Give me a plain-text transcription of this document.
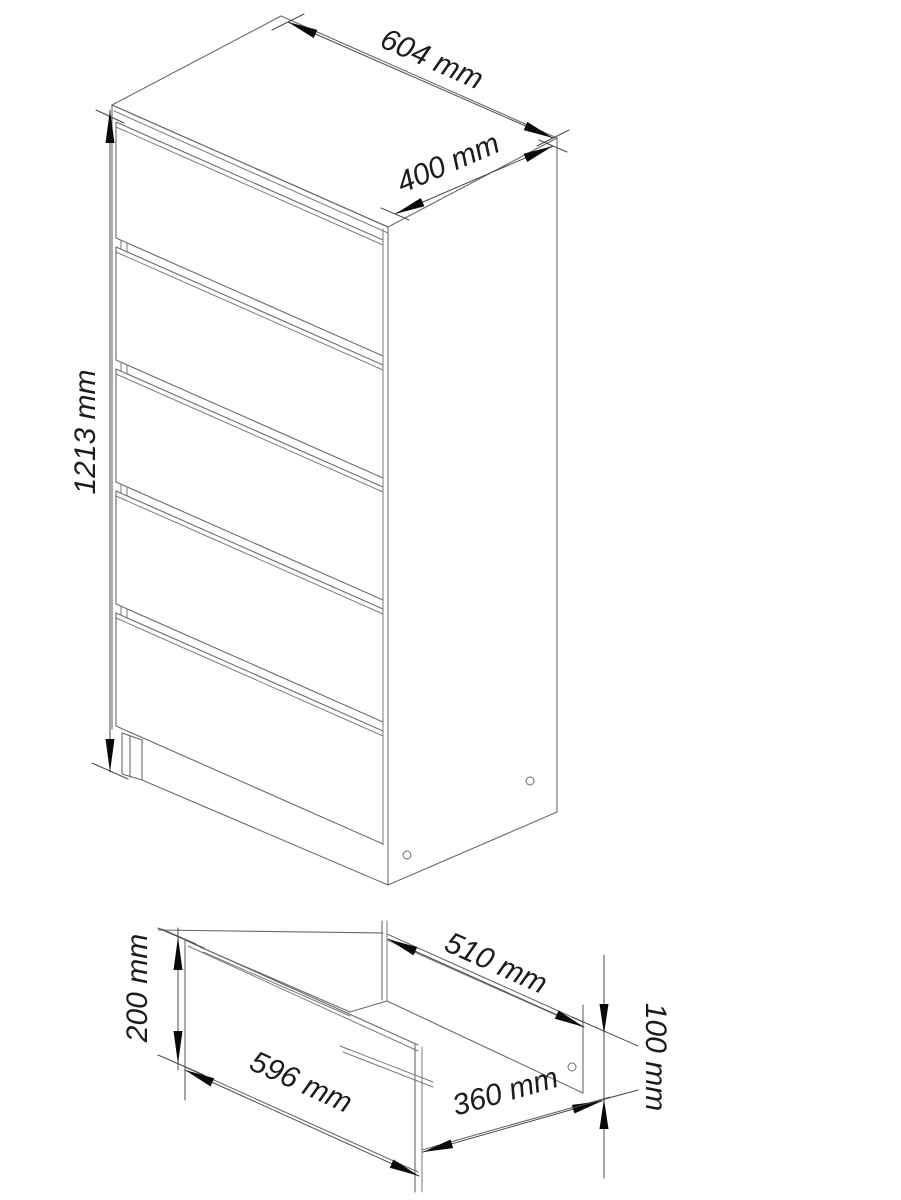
604 mm
400 mm
1213 mm
200 mm
596 mm
510 mm
360 mm	100 mm
